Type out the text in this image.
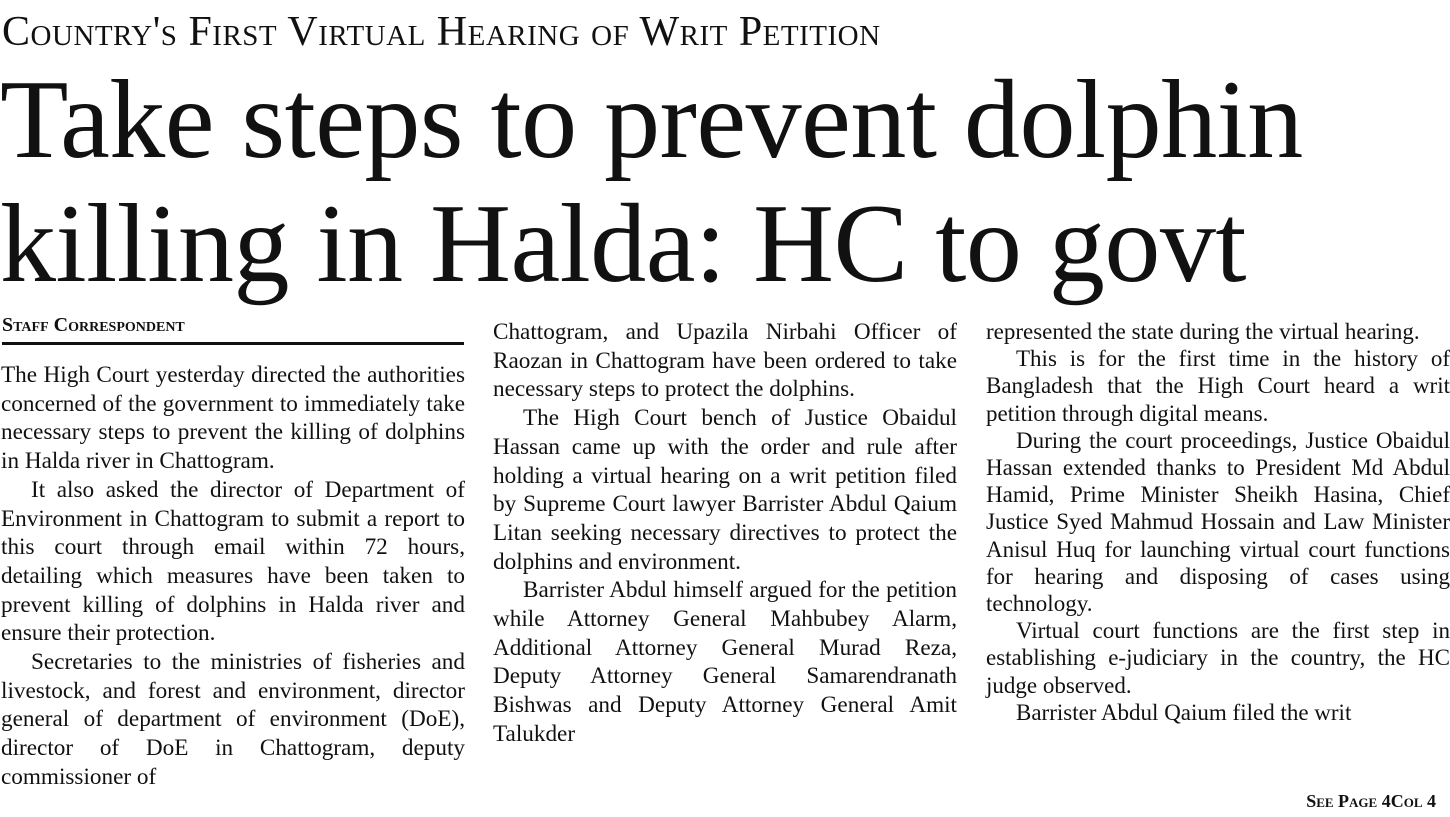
Country's First Virtual Hearing of Writ Petition
Take steps to prevent dolphin
killing in Halda: HC to govt
Staff Correspondent

The High Court yesterday directed the authorities concerned of the government to immediately take necessary steps to prevent the killing of dolphins in Halda river in Chattogram.

It also asked the director of Department of Environment in Chattogram to submit a report to this court through email within 72 hours, detailing which measures have been taken to prevent killing of dolphins in Halda river and ensure their protection.

Secretaries to the ministries of fisheries and livestock, and forest and environment, director general of department of environment (DoE), director of DoE in Chattogram, deputy commissioner of

Chattogram, and Upazila Nirbahi Officer of Raozan in Chattogram have been ordered to take necessary steps to protect the dolphins.

The High Court bench of Justice Obaidul Hassan came up with the order and rule after holding a virtual hearing on a writ petition filed by Supreme Court lawyer Barrister Abdul Qaium Litan seeking necessary directives to protect the dolphins and environment.

Barrister Abdul himself argued for the petition while Attorney General Mahbubey Alarm, Additional Attorney General Murad Reza, Deputy Attorney General Samarendranath Bishwas and Deputy Attorney General Amit Talukder

represented the state during the virtual hearing.

This is for the first time in the history of Bangladesh that the High Court heard a writ petition through digital means.

During the court proceedings, Justice Obaidul Hassan extended thanks to President Md Abdul Hamid, Prime Minister Sheikh Hasina, Chief Justice Syed Mahmud Hossain and Law Minister Anisul Huq for launching virtual court functions for hearing and disposing of cases using technology.

Virtual court functions are the first step in establishing e-judiciary in the country, the HC judge observed.

Barrister Abdul Qaium filed the writ

See Page 4Col 4
